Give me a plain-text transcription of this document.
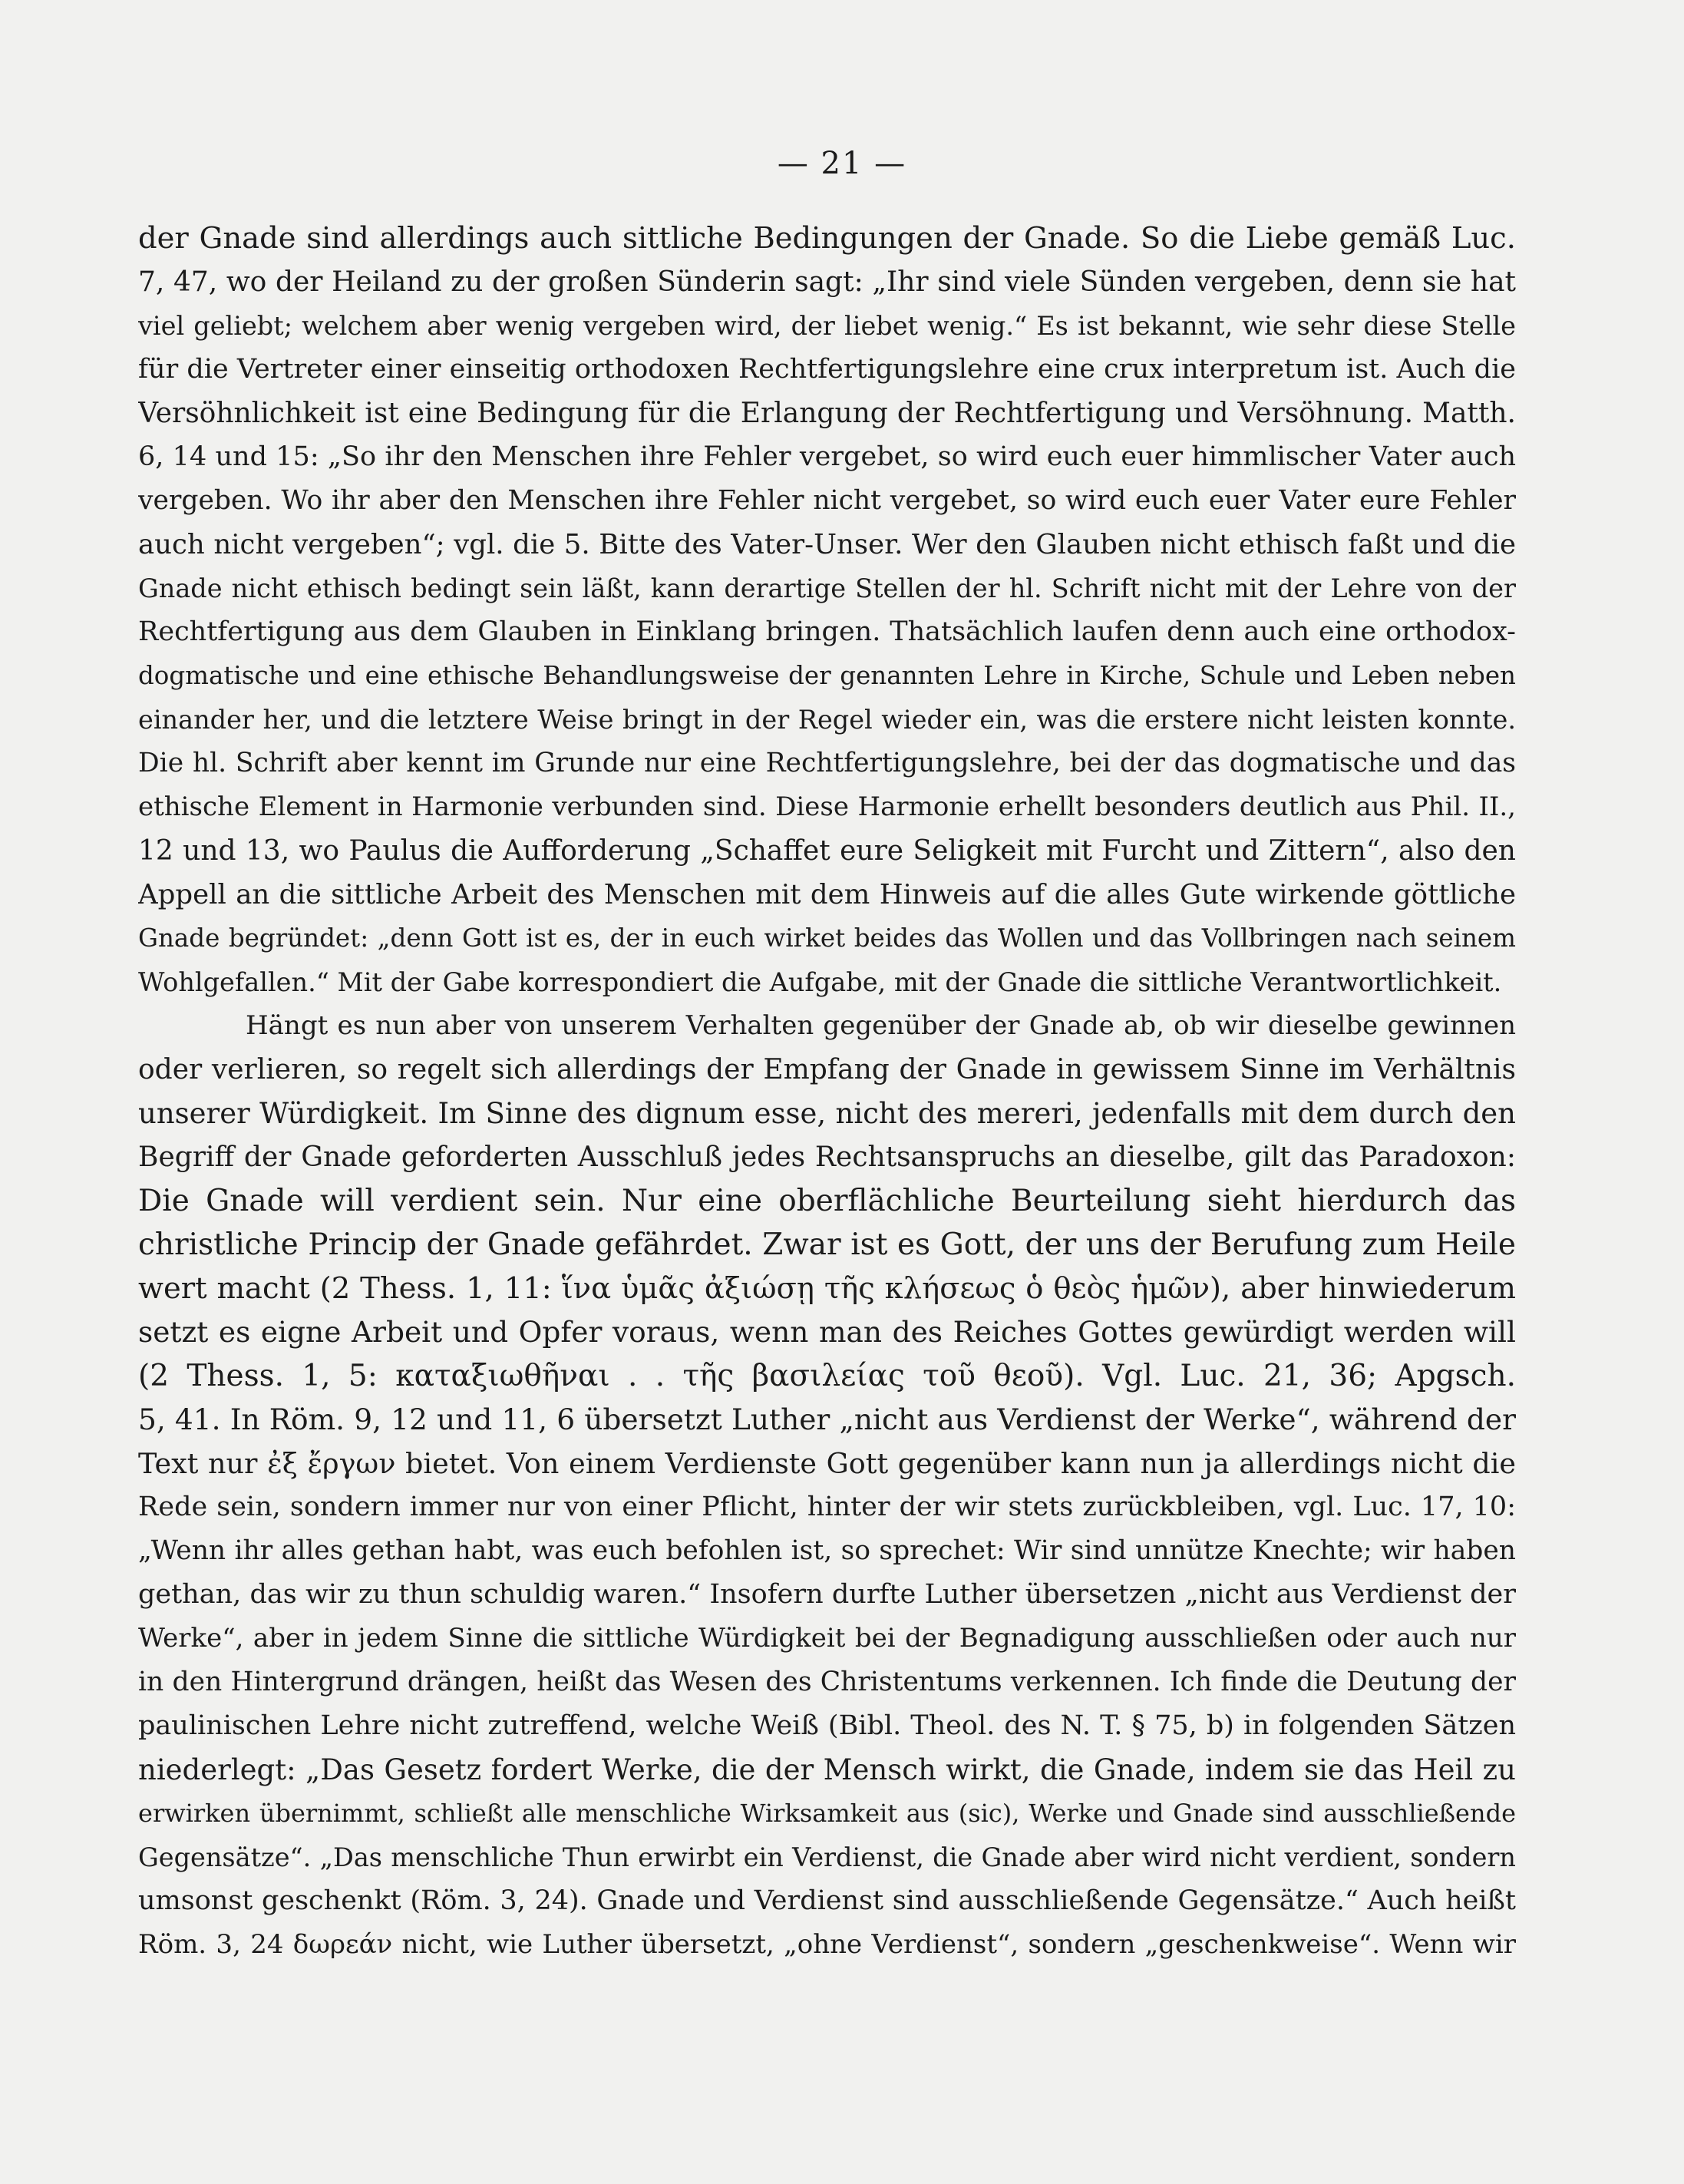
— 21 —
der Gnade sind allerdings auch sittliche Bedingungen der Gnade. So die Liebe gemäß Luc.
7, 47, wo der Heiland zu der großen Sünderin sagt: „Ihr sind viele Sünden vergeben, denn sie hat
viel geliebt; welchem aber wenig vergeben wird, der liebet wenig.“ Es ist bekannt, wie sehr diese Stelle
für die Vertreter einer einseitig orthodoxen Rechtfertigungslehre eine crux interpretum ist. Auch die
Versöhnlichkeit ist eine Bedingung für die Erlangung der Rechtfertigung und Versöhnung. Matth.
6, 14 und 15: „So ihr den Menschen ihre Fehler vergebet, so wird euch euer himmlischer Vater auch
vergeben. Wo ihr aber den Menschen ihre Fehler nicht vergebet, so wird euch euer Vater eure Fehler
auch nicht vergeben“; vgl. die 5. Bitte des Vater-Unser. Wer den Glauben nicht ethisch faßt und die
Gnade nicht ethisch bedingt sein läßt, kann derartige Stellen der hl. Schrift nicht mit der Lehre von der
Rechtfertigung aus dem Glauben in Einklang bringen. Thatsächlich laufen denn auch eine orthodox-
dogmatische und eine ethische Behandlungsweise der genannten Lehre in Kirche, Schule und Leben neben
einander her, und die letztere Weise bringt in der Regel wieder ein, was die erstere nicht leisten konnte.
Die hl. Schrift aber kennt im Grunde nur eine Rechtfertigungslehre, bei der das dogmatische und das
ethische Element in Harmonie verbunden sind. Diese Harmonie erhellt besonders deutlich aus Phil. II.,
12 und 13, wo Paulus die Aufforderung „Schaffet eure Seligkeit mit Furcht und Zittern“, also den
Appell an die sittliche Arbeit des Menschen mit dem Hinweis auf die alles Gute wirkende göttliche
Gnade begründet: „denn Gott ist es, der in euch wirket beides das Wollen und das Vollbringen nach seinem
Wohlgefallen.“ Mit der Gabe korrespondiert die Aufgabe, mit der Gnade die sittliche Verantwortlichkeit.
Hängt es nun aber von unserem Verhalten gegenüber der Gnade ab, ob wir dieselbe gewinnen
oder verlieren, so regelt sich allerdings der Empfang der Gnade in gewissem Sinne im Verhältnis
unserer Würdigkeit. Im Sinne des dignum esse, nicht des mereri, jedenfalls mit dem durch den
Begriff der Gnade geforderten Ausschluß jedes Rechtsanspruchs an dieselbe, gilt das Paradoxon:
Die Gnade will verdient sein. Nur eine oberflächliche Beurteilung sieht hierdurch das
christliche Princip der Gnade gefährdet. Zwar ist es Gott, der uns der Berufung zum Heile
wert macht (2 Thess. 1, 11: ἵνα ὑμᾶς ἀξιώσῃ τῆς κλήσεως ὁ θεὸς ἡμῶν), aber hinwiederum
setzt es eigne Arbeit und Opfer voraus, wenn man des Reiches Gottes gewürdigt werden will
(2 Thess. 1, 5: καταξιωθῆναι . . τῆς βασιλείας τοῦ θεοῦ). Vgl. Luc. 21, 36; Apgsch.
5, 41. In Röm. 9, 12 und 11, 6 übersetzt Luther „nicht aus Verdienst der Werke“, während der
Text nur ἐξ ἔργων bietet. Von einem Verdienste Gott gegenüber kann nun ja allerdings nicht die
Rede sein, sondern immer nur von einer Pflicht, hinter der wir stets zurückbleiben, vgl. Luc. 17, 10:
„Wenn ihr alles gethan habt, was euch befohlen ist, so sprechet: Wir sind unnütze Knechte; wir haben
gethan, das wir zu thun schuldig waren.“ Insofern durfte Luther übersetzen „nicht aus Verdienst der
Werke“, aber in jedem Sinne die sittliche Würdigkeit bei der Begnadigung ausschließen oder auch nur
in den Hintergrund drängen, heißt das Wesen des Christentums verkennen. Ich finde die Deutung der
paulinischen Lehre nicht zutreffend, welche Weiß (Bibl. Theol. des N. T. § 75, b) in folgenden Sätzen
niederlegt: „Das Gesetz fordert Werke, die der Mensch wirkt, die Gnade, indem sie das Heil zu
erwirken übernimmt, schließt alle menschliche Wirksamkeit aus (sic), Werke und Gnade sind ausschließende
Gegensätze“. „Das menschliche Thun erwirbt ein Verdienst, die Gnade aber wird nicht verdient, sondern
umsonst geschenkt (Röm. 3, 24). Gnade und Verdienst sind ausschließende Gegensätze.“ Auch heißt
Röm. 3, 24 δωρεάν nicht, wie Luther übersetzt, „ohne Verdienst“, sondern „geschenkweise“. Wenn wir
